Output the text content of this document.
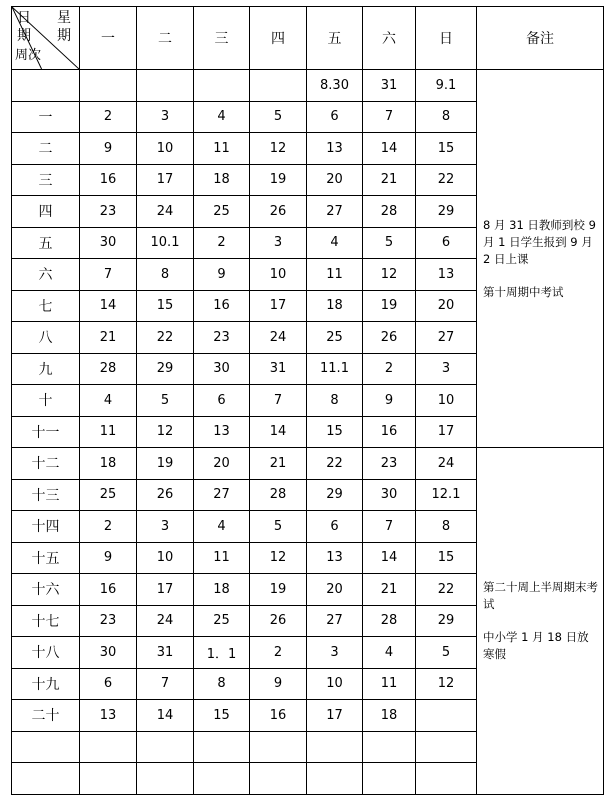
日
期
星
期
周次	一	二	三	四	五	六	日	备注
					8.30	31	9.1	8 月 31 日教师到校 9 月 1 日学生报到 9 月 2 日上课

第十周期中考试

一	2	3	4	5	6	7	8	
二	9	10	11	12	13	14	15	
三	16	17	18	19	20	21	22	
四	23	24	25	26	27	28	29	
五	30	10.1	2	3	4	5	6	
六	7	8	9	10	11	12	13	
七	14	15	16	17	18	19	20	
八	21	22	23	24	25	26	27	
九	28	29	30	31	11.1	2	3	
十	4	5	6	7	8	9	10	
十一	11	12	13	14	15	16	17	
十二	18	19	20	21	22	23	24	第二十周上半周期末考试

中小学 1 月 18 日放寒假

十三	25	26	27	28	29	30	12.1	
十四	2	3	4	5	6	7	8	
十五	9	10	11	12	13	14	15	
十六	16	17	18	19	20	21	22	
十七	23	24	25	26	27	28	29	
十八	30	31	1．1	2	3	4	5	
十九	6	7	8	9	10	11	12	
二十	13	14	15	16	17	18		
